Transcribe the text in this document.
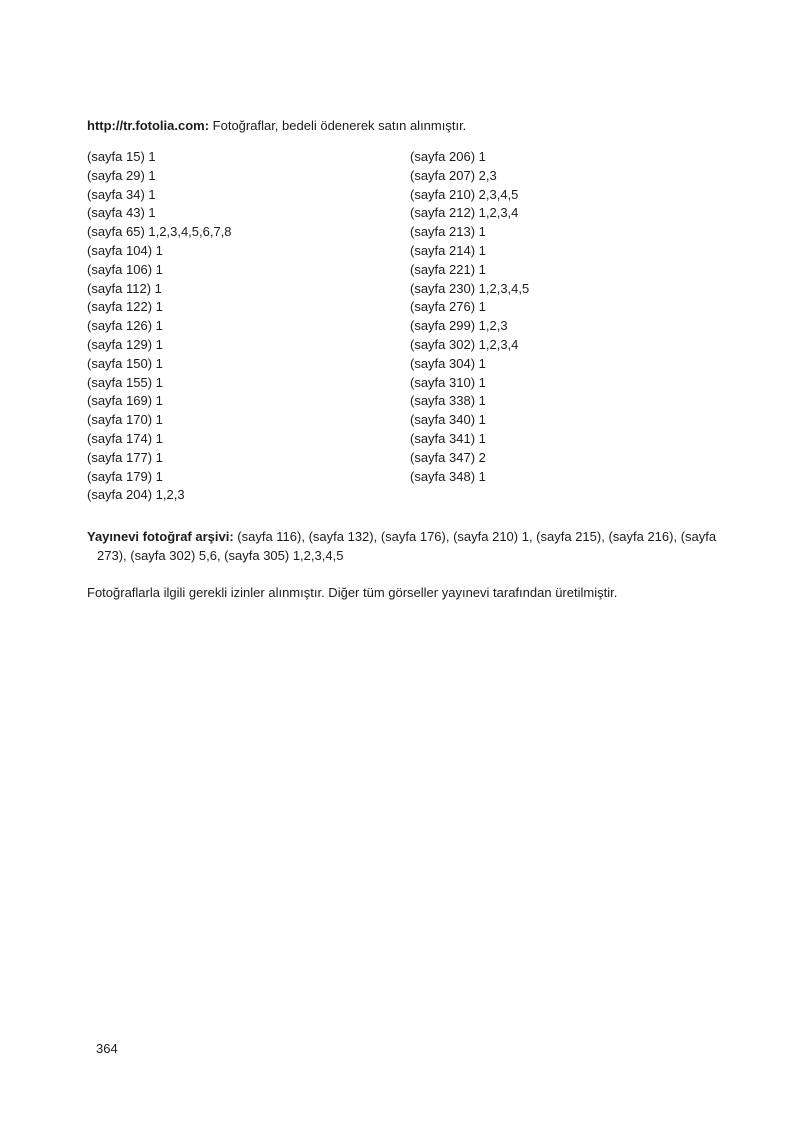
http://tr.fotolia.com: Fotoğraflar, bedeli ödenerek satın alınmıştır.
(sayfa 15) 1
(sayfa 29) 1
(sayfa 34) 1
(sayfa 43) 1
(sayfa 65) 1,2,3,4,5,6,7,8
(sayfa 104) 1
(sayfa 106) 1
(sayfa 112) 1
(sayfa 122) 1
(sayfa 126) 1
(sayfa 129) 1
(sayfa 150) 1
(sayfa 155) 1
(sayfa 169) 1
(sayfa 170) 1
(sayfa 174) 1
(sayfa 177) 1
(sayfa 179) 1
(sayfa 204) 1,2,3
(sayfa 206) 1
(sayfa 207) 2,3
(sayfa 210) 2,3,4,5
(sayfa 212) 1,2,3,4
(sayfa 213) 1
(sayfa 214) 1
(sayfa 221) 1
(sayfa 230) 1,2,3,4,5
(sayfa 276) 1
(sayfa 299) 1,2,3
(sayfa 302) 1,2,3,4
(sayfa 304) 1
(sayfa 310) 1
(sayfa 338) 1
(sayfa 340) 1
(sayfa 341) 1
(sayfa 347) 2
(sayfa 348) 1
Yayınevi fotoğraf arşivi: (sayfa 116), (sayfa 132), (sayfa 176), (sayfa 210) 1, (sayfa 215), (sayfa 216), (sayfa 273), (sayfa 302) 5,6, (sayfa 305) 1,2,3,4,5
Fotoğraflarla ilgili gerekli izinler alınmıştır. Diğer tüm görseller yayınevi tarafından üretilmiştir.
364
